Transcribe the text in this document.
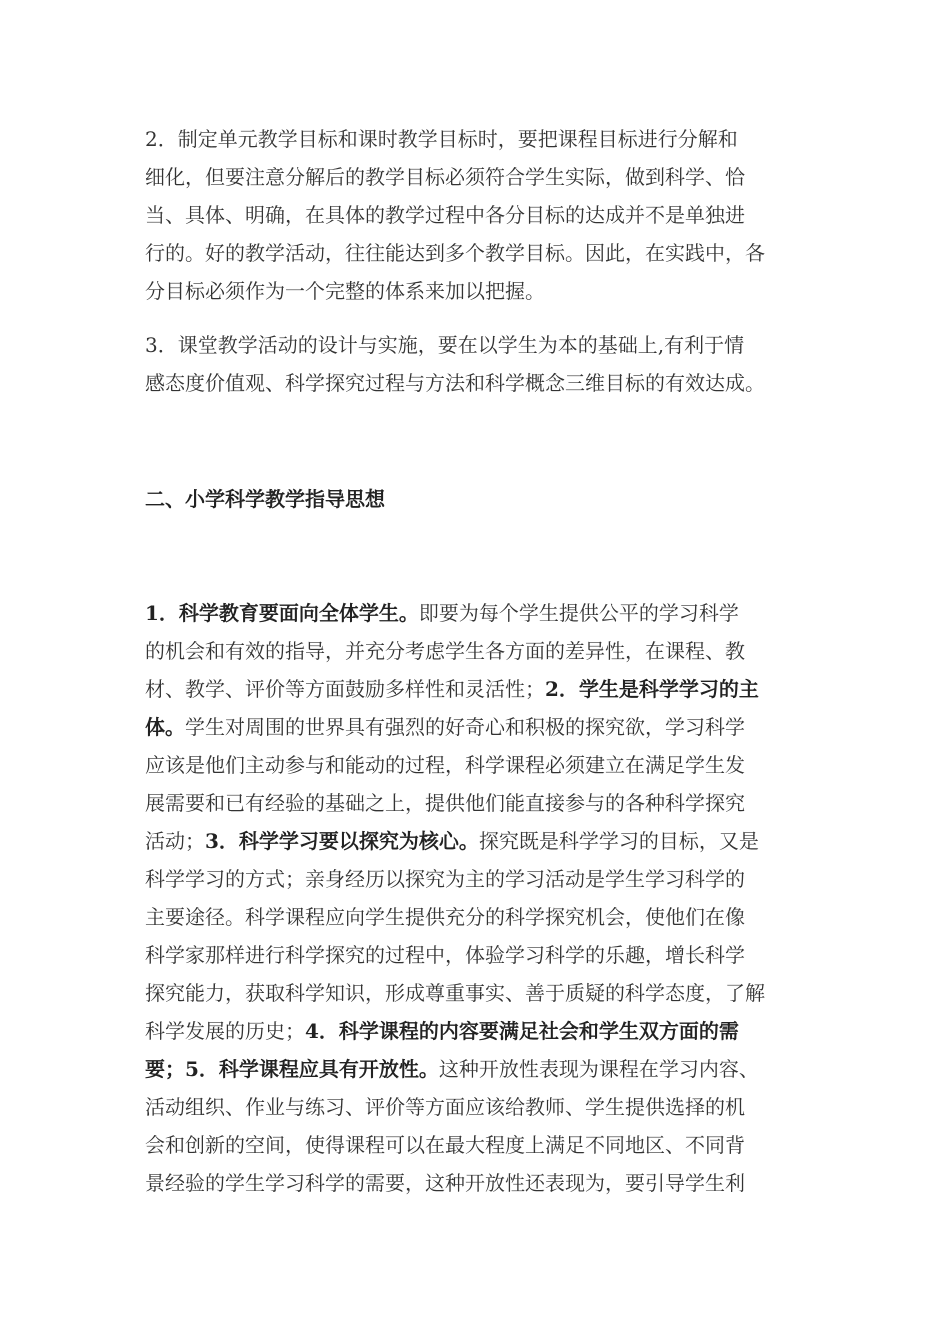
2．制定单元教学目标和课时教学目标时，要把课程目标进行分解和
细化，但要注意分解后的教学目标必须符合学生实际，做到科学、恰
当、具体、明确，在具体的教学过程中各分目标的达成并不是单独进
行的。好的教学活动，往往能达到多个教学目标。因此，在实践中，各
分目标必须作为一个完整的体系来加以把握。
3．课堂教学活动的设计与实施，要在以学生为本的基础上,有利于情
感态度价值观、科学探究过程与方法和科学概念三维目标的有效达成。
二、小学科学教学指导思想
1．科学教育要面向全体学生。即要为每个学生提供公平的学习科学
的机会和有效的指导，并充分考虑学生各方面的差异性，在课程、教
材、教学、评价等方面鼓励多样性和灵活性；2．学生是科学学习的主
体。学生对周围的世界具有强烈的好奇心和积极的探究欲，学习科学
应该是他们主动参与和能动的过程，科学课程必须建立在满足学生发
展需要和已有经验的基础之上，提供他们能直接参与的各种科学探究
活动；3．科学学习要以探究为核心。探究既是科学学习的目标，又是
科学学习的方式；亲身经历以探究为主的学习活动是学生学习科学的
主要途径。科学课程应向学生提供充分的科学探究机会，使他们在像
科学家那样进行科学探究的过程中，体验学习科学的乐趣，增长科学
探究能力，获取科学知识，形成尊重事实、善于质疑的科学态度，了解
科学发展的历史；4．科学课程的内容要满足社会和学生双方面的需
要；5．科学课程应具有开放性。这种开放性表现为课程在学习内容、
活动组织、作业与练习、评价等方面应该给教师、学生提供选择的机
会和创新的空间，使得课程可以在最大程度上满足不同地区、不同背
景经验的学生学习科学的需要，这种开放性还表现为，要引导学生利
